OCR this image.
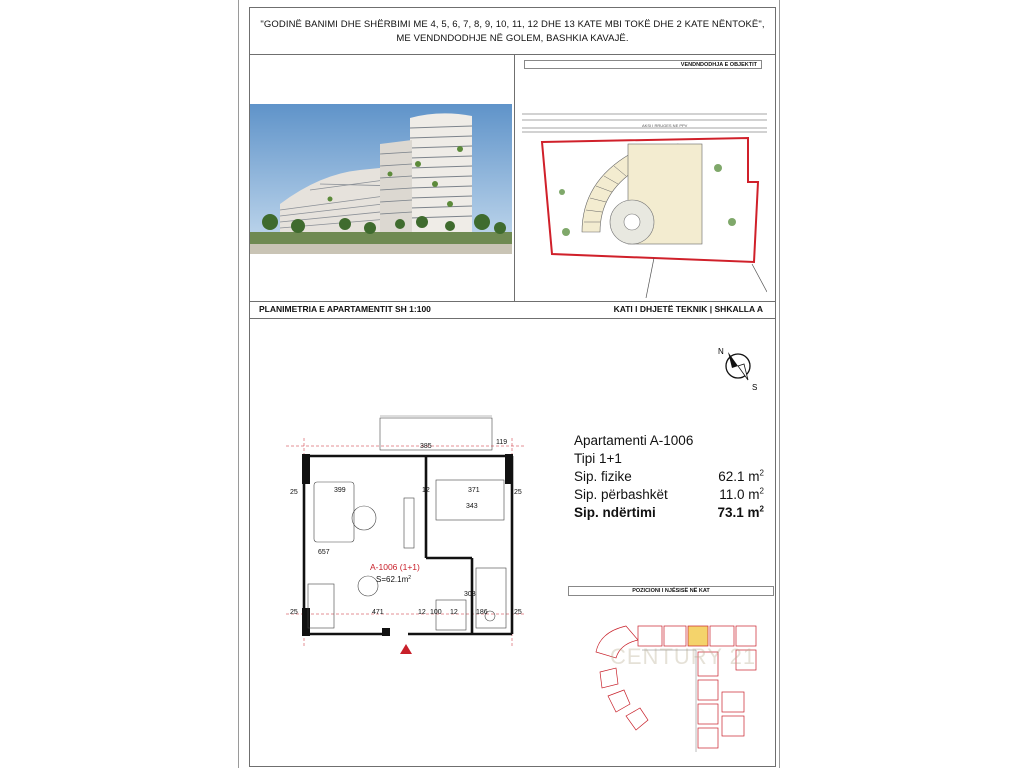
"GODINË BANIMI DHE SHËRBIMI ME 4, 5, 6, 7, 8, 9, 10, 11, 12 DHE 13 KATE MBI TOKË DHE 2 KATE NËNTOKË",
ME VENDNDODHJE NË GOLEM, BASHKIA KAVAJË.
VENDNDODHJA E OBJEKTIT
AKSI I RRUGES NE PPV
PLANIMETRIA E APARTAMENTIT SH 1:100	KATI I DHJETË TEKNIK | SHKALLA A
N
S
385
119
399	12	371
343
657
471	12 100 12	186
303
25
25
25
25
A-1006 (1+1)
$S=62.1m^2$
Apartamenti A-1006
Tipi 1+1
Sip. fizike	62.1 $m^2$
Sip. përbashkët	11.0 $m^2$
Sip. ndërtimi	73.1 $m^2$
POZICIONI I NJËSISË NË KAT
CENTURY 21
